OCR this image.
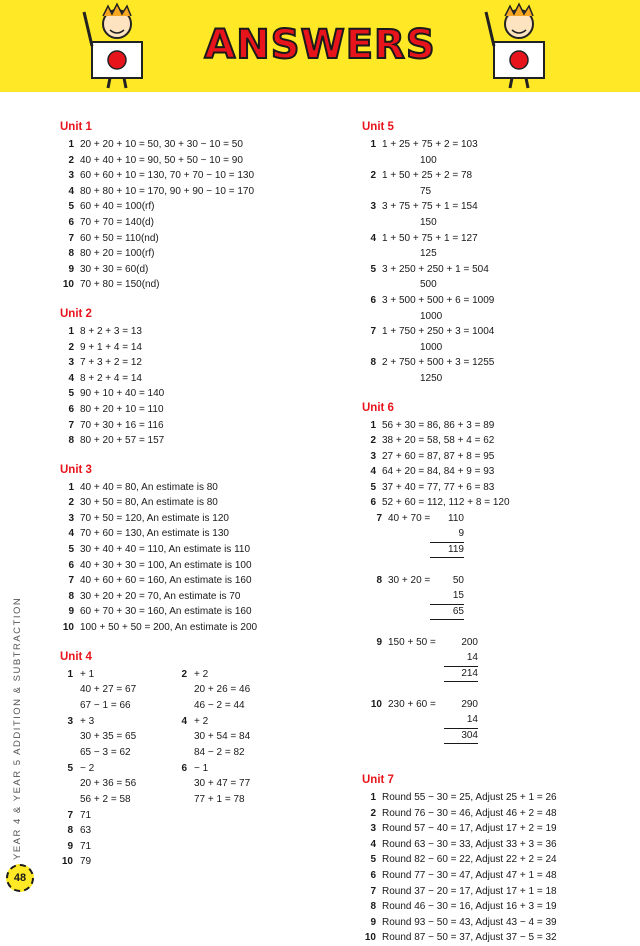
ANSWERS
Unit 1
1 20 + 20 + 10 = 50, 30 + 30 − 10 = 50
2 40 + 40 + 10 = 90, 50 + 50 − 10 = 90
3 60 + 60 + 10 = 130, 70 + 70 − 10 = 130
4 80 + 80 + 10 = 170, 90 + 90 − 10 = 170
5 60 + 40 = 100(rf)
6 70 + 70 = 140(d)
7 60 + 50 = 110(nd)
8 80 + 20 = 100(rf)
9 30 + 30 = 60(d)
10 70 + 80 = 150(nd)
Unit 2
1 8 + 2 + 3 = 13
2 9 + 1 + 4 = 14
3 7 + 3 + 2 = 12
4 8 + 2 + 4 = 14
5 90 + 10 + 40 = 140
6 80 + 20 + 10 = 110
7 70 + 30 + 16 = 116
8 80 + 20 + 57 = 157
Unit 3
1 40 + 40 = 80, An estimate is 80
2 30 + 50 = 80, An estimate is 80
3 70 + 50 = 120, An estimate is 120
4 70 + 60 = 130, An estimate is 130
5 30 + 40 + 40 = 110, An estimate is 110
6 40 + 30 + 30 = 100, An estimate is 100
7 40 + 60 + 60 = 160, An estimate is 160
8 30 + 20 + 20 = 70, An estimate is 70
9 60 + 70 + 30 = 160, An estimate is 160
10 100 + 50 + 50 = 200, An estimate is 200
Unit 4
1 + 1
40 + 27 = 67
67 − 1 = 66
2 + 2
20 + 26 = 46
46 − 2 = 44
3 + 3
30 + 35 = 65
65 − 3 = 62
4 + 2
30 + 54 = 84
84 − 2 = 82
5 − 2
20 + 36 = 56
56 + 2 = 58
6 − 1
30 + 47 = 77
77 + 1 = 78
7 71
8 63
9 71
10 79
Unit 5
1 1 + 25 + 75 + 2 = 103
100
2 1 + 50 + 25 + 2 = 78
75
3 3 + 75 + 75 + 1 = 154
150
4 1 + 50 + 75 + 1 = 127
125
5 3 + 250 + 250 + 1 = 504
500
6 3 + 500 + 500 + 6 = 1009
1000
7 1 + 750 + 250 + 3 = 1004
1000
8 2 + 750 + 500 + 3 = 1255
1250
Unit 6
1 56 + 30 = 86, 86 + 3 = 89
2 38 + 20 = 58, 58 + 4 = 62
3 27 + 60 = 87, 87 + 8 = 95
4 64 + 20 = 84, 84 + 9 = 93
5 37 + 40 = 77, 77 + 6 = 83
6 52 + 60 = 112, 112 + 8 = 120
7 40 + 70 =	110
9
119
8 30 + 20 =	50
15
65
9 150 + 50 =	200
14
214
10 230 + 60 =	290
14
304
Unit 7
1 Round 55 − 30 = 25, Adjust 25 + 1 = 26
2 Round 76 − 30 = 46, Adjust 46 + 2 = 48
3 Round 57 − 40 = 17, Adjust 17 + 2 = 19
4 Round 63 − 30 = 33, Adjust 33 + 3 = 36
5 Round 82 − 60 = 22, Adjust 22 + 2 = 24
6 Round 77 − 30 = 47, Adjust 47 + 1 = 48
7 Round 37 − 20 = 17, Adjust 17 + 1 = 18
8 Round 46 − 30 = 16, Adjust 16 + 3 = 19
9 Round 93 − 50 = 43, Adjust 43 − 4 = 39
10 Round 87 − 50 = 37, Adjust 37 − 5 = 32
YEAR 4 & YEAR 5 ADDITION & SUBTRACTION
48
